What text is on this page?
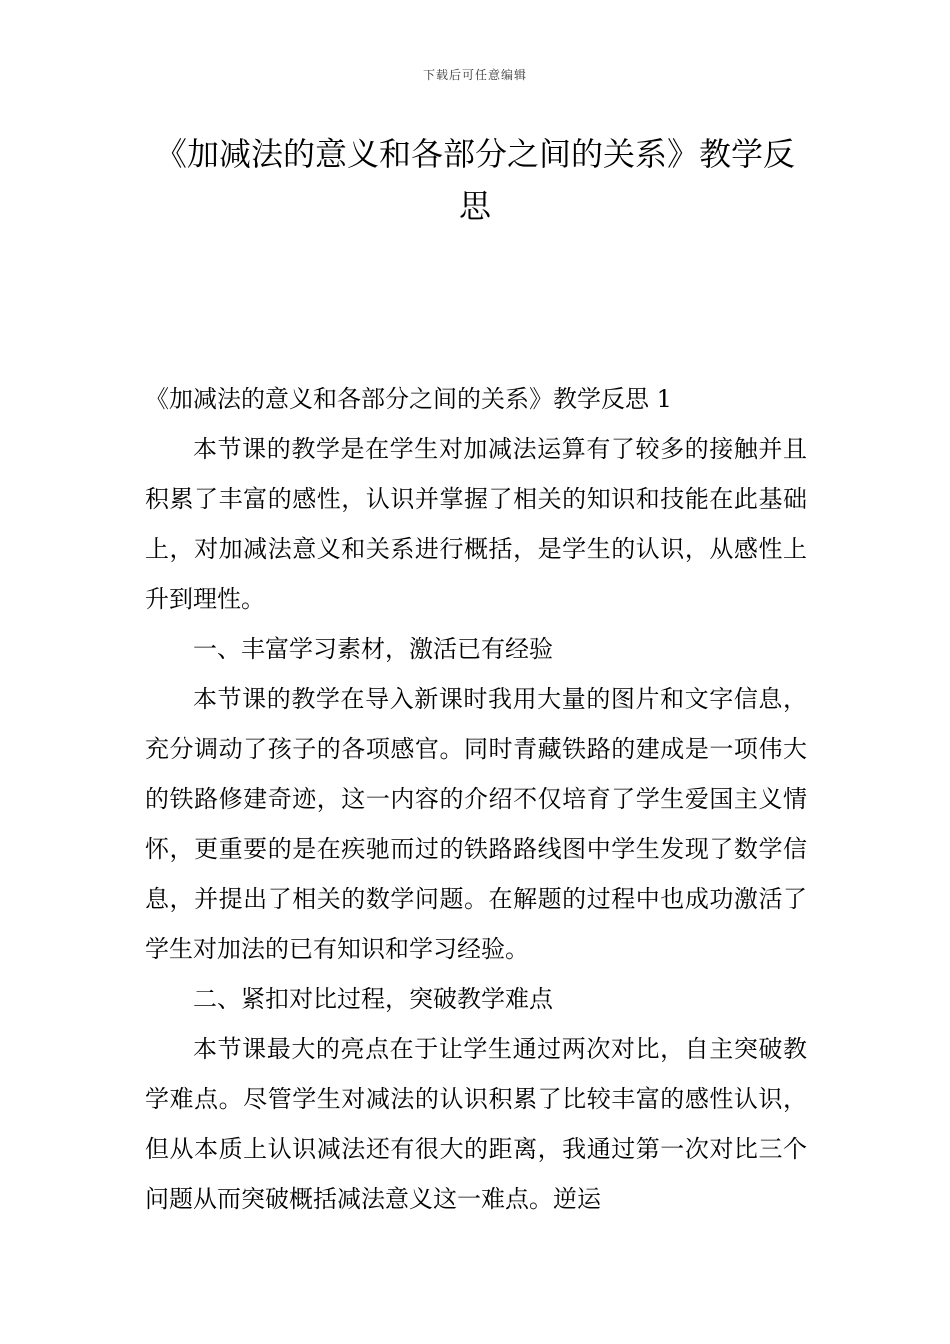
下载后可任意编辑
《加减法的意义和各部分之间的关系》教学反思

《加减法的意义和各部分之间的关系》教学反思 1

本节课的教学是在学生对加减法运算有了较多的接触并且积累了丰富的感性，认识并掌握了相关的知识和技能在此基础上，对加减法意义和关系进行概括，是学生的认识，从感性上升到理性。

一、丰富学习素材，激活已有经验

本节课的教学在导入新课时我用大量的图片和文字信息，充分调动了孩子的各项感官。同时青藏铁路的建成是一项伟大的铁路修建奇迹，这一内容的介绍不仅培育了学生爱国主义情怀，更重要的是在疾驰而过的铁路路线图中学生发现了数学信息，并提出了相关的数学问题。在解题的过程中也成功激活了学生对加法的已有知识和学习经验。

二、紧扣对比过程，突破教学难点

本节课最大的亮点在于让学生通过两次对比，自主突破教学难点。尽管学生对减法的认识积累了比较丰富的感性认识，但从本质上认识减法还有很大的距离，我通过第一次对比三个问题从而突破概括减法意义这一难点。逆运
